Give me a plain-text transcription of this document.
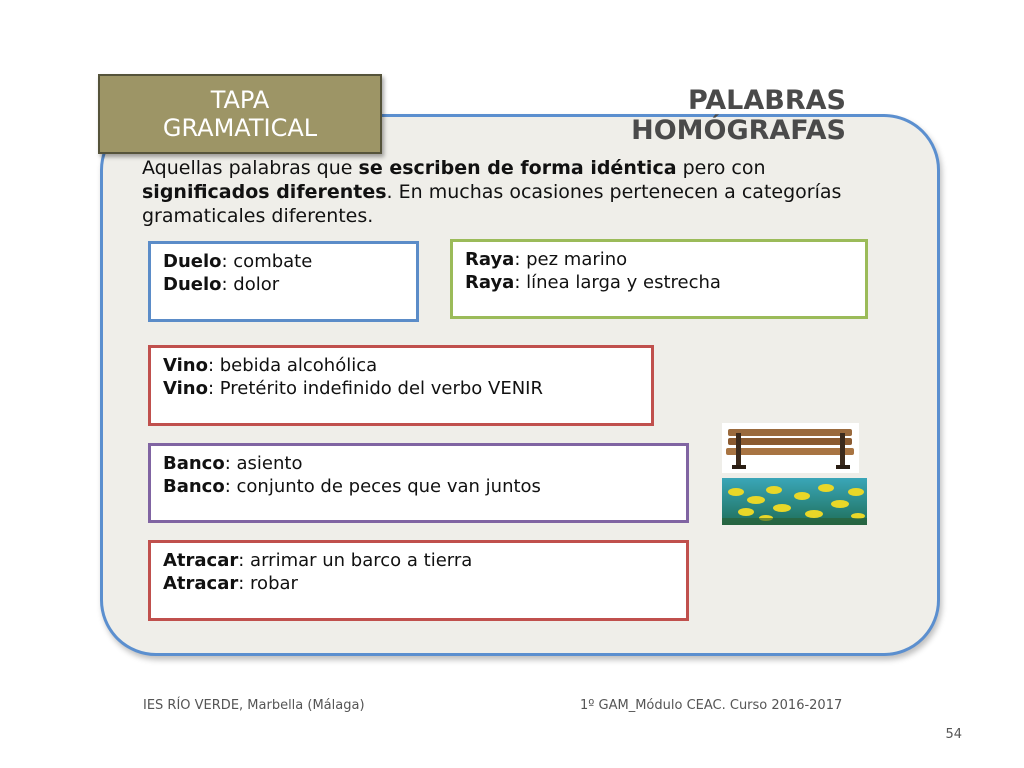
TAPA
GRAMATICAL
PALABRAS
HOMÓGRAFAS
Aquellas palabras que se escriben de forma idéntica pero con significados diferentes. En muchas ocasiones pertenecen a categorías gramaticales diferentes.
Duelo: combate
Duelo: dolor
Raya: pez marino
Raya: línea larga y estrecha
Vino: bebida alcohólica
Vino: Pretérito indefinido del verbo VENIR
Banco: asiento
Banco: conjunto de peces que van juntos
Atracar: arrimar un barco a tierra
Atracar: robar
IES RÍO VERDE, Marbella (Málaga)	1º GAM_Módulo CEAC. Curso 2016-2017
54
